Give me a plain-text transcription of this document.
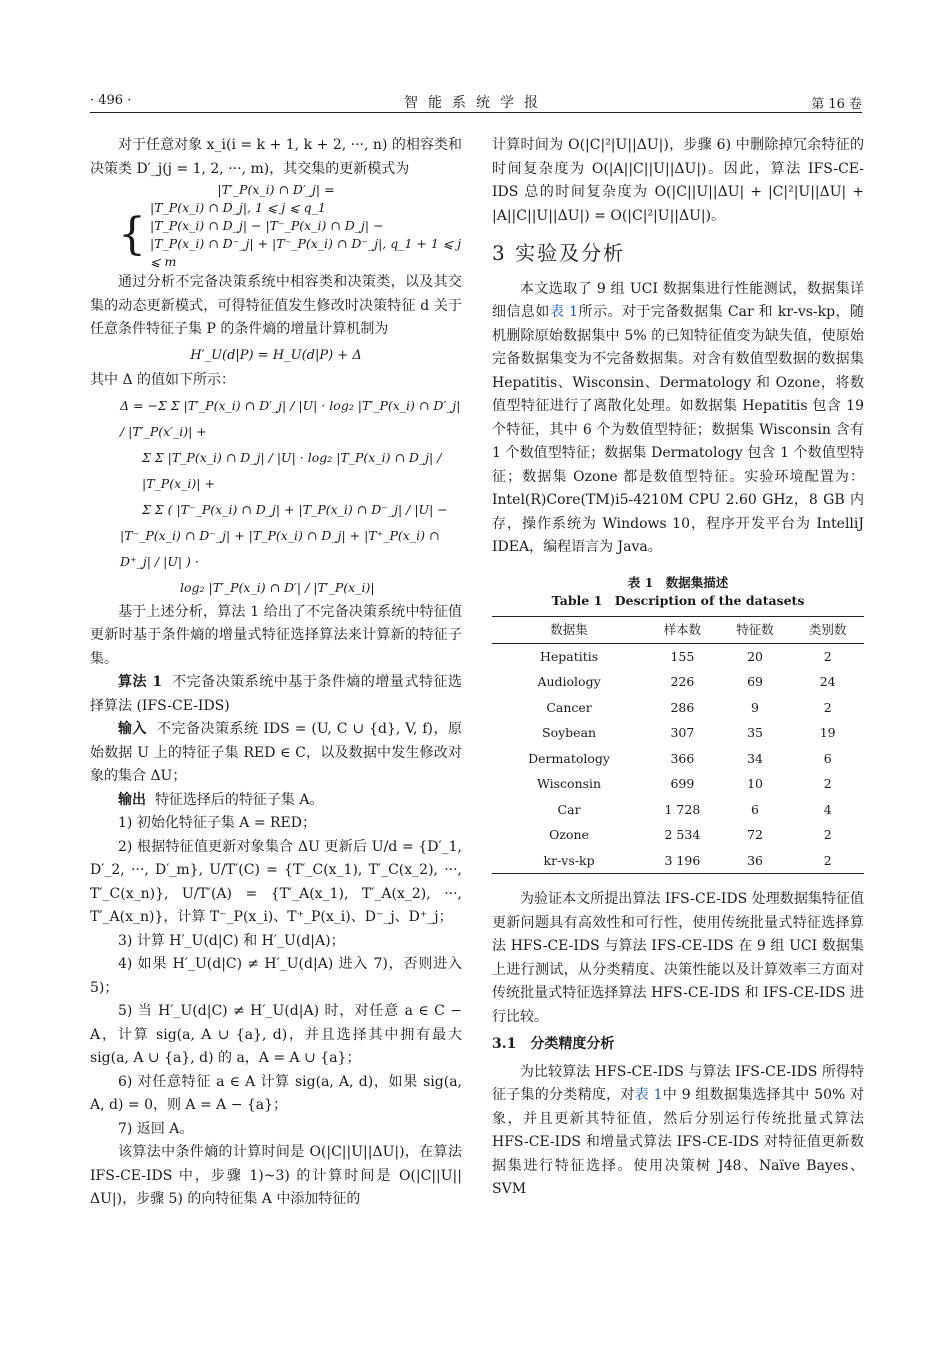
· 496 ·	智能系统学报	第 16 卷

对于任意对象 x_i(i = k + 1, k + 2, ···, n) 的相容类和决策类 D′_j(j = 1, 2, ···, m)，其交集的更新模式为

|T′_P(x_i) ∩ D′_j| =
{
|T_P(x_i) ∩ D_j|, 1 ⩽ j ⩽ q_1
|T_P(x_i) ∩ D_j| − |T⁻_P(x_i) ∩ D_j| −
|T_P(x_i) ∩ D⁻_j| + |T⁻_P(x_i) ∩ D⁻_j|, q_1 + 1 ⩽ j ⩽ m

通过分析不完备决策系统中相容类和决策类，以及其交集的动态更新模式，可得特征值发生修改时决策特征 d 关于任意条件特征子集 P 的条件熵的增量计算机制为

H′_U(d|P) = H_U(d|P) + Δ

其中 Δ 的值如下所示：

Δ = −Σ Σ |T′_P(x_i) ∩ D′_j| / |U| · log₂ |T′_P(x_i) ∩ D′_j| / |T′_P(x′_i)| +
Σ Σ |T_P(x_i) ∩ D_j| / |U| · log₂ |T_P(x_i) ∩ D_j| / |T_P(x_i)| +
Σ Σ ( |T⁻_P(x_i) ∩ D_j| + |T_P(x_i) ∩ D⁻_j| / |U| −
|T⁻_P(x_i) ∩ D⁻_j| + |T_P(x_i) ∩ D_j| + |T⁺_P(x_i) ∩ D⁺_j| / |U| ) ·
log₂ |T′_P(x_i) ∩ D′| / |T′_P(x_i)|

基于上述分析，算法 1 给出了不完备决策系统中特征值更新时基于条件熵的增量式特征选择算法来计算新的特征子集。

算法 1 不完备决策系统中基于条件熵的增量式特征选择算法 (IFS-CE-IDS)

输入 不完备决策系统 IDS = (U, C ∪ {d}, V, f)，原始数据 U 上的特征子集 RED ∈ C，以及数据中发生修改对象的集合 ΔU；

输出 特征选择后的特征子集 A。

1) 初始化特征子集 A = RED；

2) 根据特征值更新对象集合 ΔU 更新后 U/d = {D′_1, D′_2, ···, D′_m}, U/T′(C) = {T′_C(x_1), T′_C(x_2), ···, T′_C(x_n)}, U/T′(A) = {T′_A(x_1), T′_A(x_2), ···, T′_A(x_n)}，计算 T⁻_P(x_i)、T⁺_P(x_i)、D⁻_j、D⁺_j；

3) 计算 H′_U(d|C) 和 H′_U(d|A)；

4) 如果 H′_U(d|C) ≠ H′_U(d|A) 进入 7)，否则进入 5)；

5) 当 H′_U(d|C) ≠ H′_U(d|A) 时，对任意 a ∈ C − A，计算 sig(a, A ∪ {a}, d)，并且选择其中拥有最大 sig(a, A ∪ {a}, d) 的 a，A = A ∪ {a}；

6) 对任意特征 a ∈ A 计算 sig(a, A, d)，如果 sig(a, A, d) = 0，则 A = A − {a}；

7) 返回 A。

该算法中条件熵的计算时间是 O(|C||U||ΔU|)，在算法 IFS-CE-IDS 中，步骤 1)~3) 的计算时间是 O(|C||U||ΔU|)，步骤 5) 的向特征集 A 中添加特征的

计算时间为 O(|C|²|U||ΔU|)，步骤 6) 中删除掉冗余特征的时间复杂度为 O(|A||C||U||ΔU|)。因此，算法 IFS-CE-IDS 总的时间复杂度为 O(|C||U||ΔU| + |C|²|U||ΔU| + |A||C||U||ΔU|) = O(|C|²|U||ΔU|)。

3 实验及分析

本文选取了 9 组 UCI 数据集进行性能测试，数据集详细信息如表 1所示。对于完备数据集 Car 和 kr-vs-kp，随机删除原始数据集中 5% 的已知特征值变为缺失值，使原始完备数据集变为不完备数据集。对含有数值型数据的数据集 Hepatitis、Wisconsin、Dermatology 和 Ozone，将数值型特征进行了离散化处理。如数据集 Hepatitis 包含 19 个特征，其中 6 个为数值型特征；数据集 Wisconsin 含有 1 个数值型特征；数据集 Dermatology 包含 1 个数值型特征；数据集 Ozone 都是数值型特征。实验环境配置为：Intel(R)Core(TM)i5-4210M CPU 2.60 GHz，8 GB 内存，操作系统为 Windows 10，程序开发平台为 IntelliJ IDEA，编程语言为 Java。

表 1　数据集描述
Table 1　Description of the datasets
数据集	样本数	特征数	类别数
Hepatitis	155	20	2
Audiology	226	69	24
Cancer	286	9	2
Soybean	307	35	19
Dermatology	366	34	6
Wisconsin	699	10	2
Car	1 728	6	4
Ozone	2 534	72	2
kr-vs-kp	3 196	36	2

为验证本文所提出算法 IFS-CE-IDS 处理数据集特征值更新问题具有高效性和可行性，使用传统批量式特征选择算法 HFS-CE-IDS 与算法 IFS-CE-IDS 在 9 组 UCI 数据集上进行测试，从分类精度、决策性能以及计算效率三方面对传统批量式特征选择算法 HFS-CE-IDS 和 IFS-CE-IDS 进行比较。

3.1　分类精度分析

为比较算法 HFS-CE-IDS 与算法 IFS-CE-IDS 所得特征子集的分类精度，对表 1中 9 组数据集选择其中 50% 对象，并且更新其特征值，然后分别运行传统批量式算法 HFS-CE-IDS 和增量式算法 IFS-CE-IDS 对特征值更新数据集进行特征选择。使用决策树 J48、Naïve Bayes、SVM
